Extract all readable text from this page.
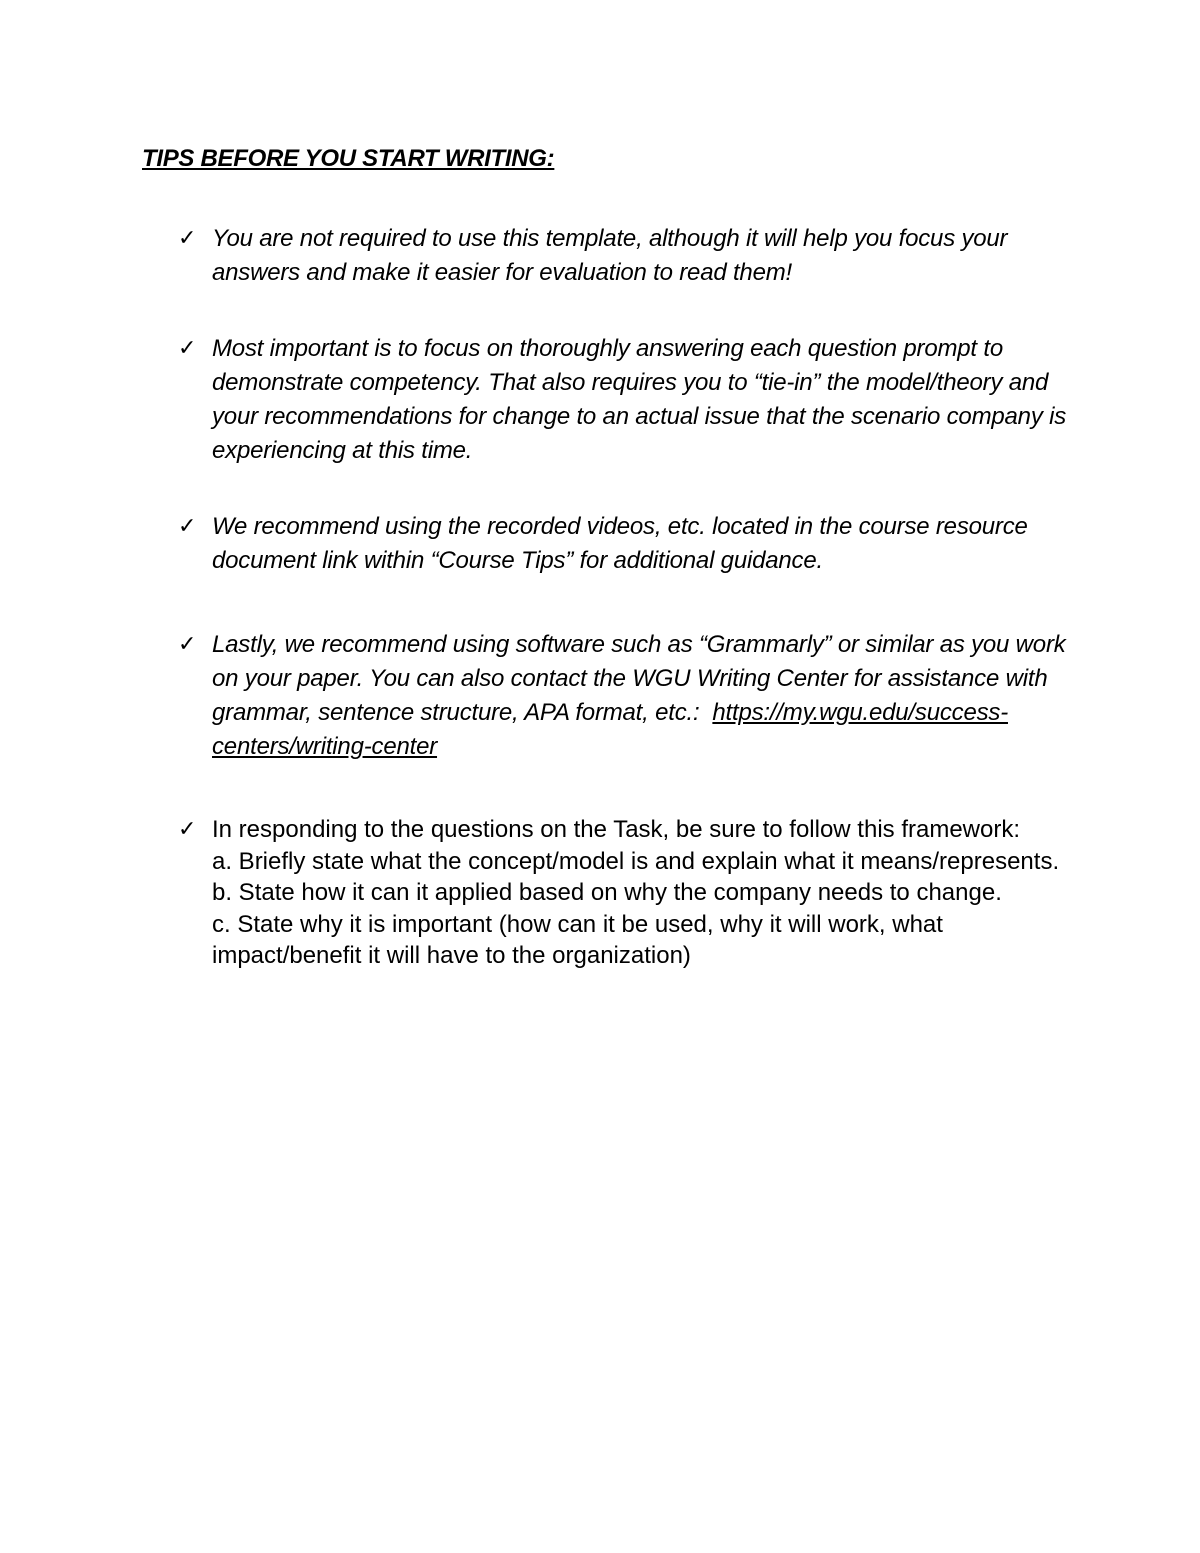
TIPS BEFORE YOU START WRITING:
✓ You are not required to use this template, although it will help you focus your answers and make it easier for evaluation to read them!
✓ Most important is to focus on thoroughly answering each question prompt to demonstrate competency. That also requires you to “tie-in” the model/theory and your recommendations for change to an actual issue that the scenario company is experiencing at this time.
✓ We recommend using the recorded videos, etc. located in the course resource document link within “Course Tips” for additional guidance.
✓ Lastly, we recommend using software such as “Grammarly” or similar as you work on your paper. You can also contact the WGU Writing Center for assistance with grammar, sentence structure, APA format, etc.: https://my.wgu.edu/success-centers/writing-center
✓ In responding to the questions on the Task, be sure to follow this framework:
a. Briefly state what the concept/model is and explain what it means/represents.
b. State how it can it applied based on why the company needs to change.
c. State why it is important (how can it be used, why it will work, what impact/benefit it will have to the organization)
